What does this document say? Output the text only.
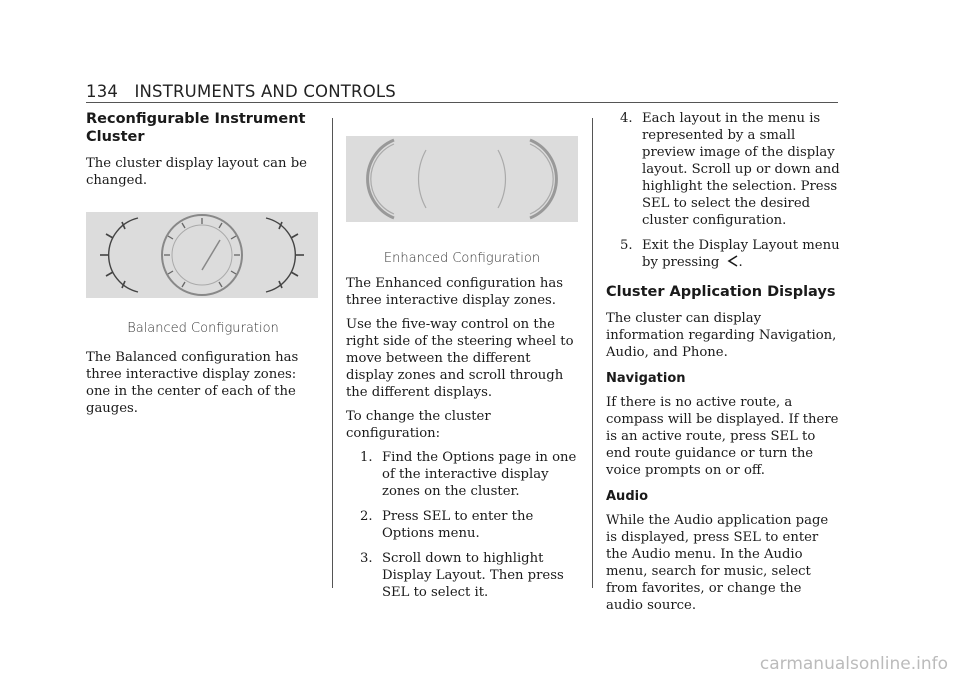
134 INSTRUMENTS AND CONTROLS
Reconfigurable Instrument Cluster

The cluster display layout can be changed.

Balanced Configuration

The Balanced configuration has three interactive display zones: one in the center of each of the gauges.

Enhanced Configuration

The Enhanced configuration has three interactive display zones.

Use the five-way control on the right side of the steering wheel to move between the different display zones and scroll through the different displays.

To change the cluster configuration:

1. Find the Options page in one of the interactive display zones on the cluster.
2. Press SEL to enter the Options menu.
3. Scroll down to highlight Display Layout. Then press SEL to select it.
4. Each layout in the menu is represented by a small preview image of the display layout. Scroll up or down and highlight the selection. Press SEL to select the desired cluster configuration.
5. Exit the Display Layout menu by pressing .
Cluster Application Displays

The cluster can display information regarding Navigation, Audio, and Phone.

Navigation

If there is no active route, a compass will be displayed. If there is an active route, press SEL to end route guidance or turn the voice prompts on or off.

Audio

While the Audio application page is displayed, press SEL to enter the Audio menu. In the Audio menu, search for music, select from favorites, or change the audio source.

carmanualsonline.info
